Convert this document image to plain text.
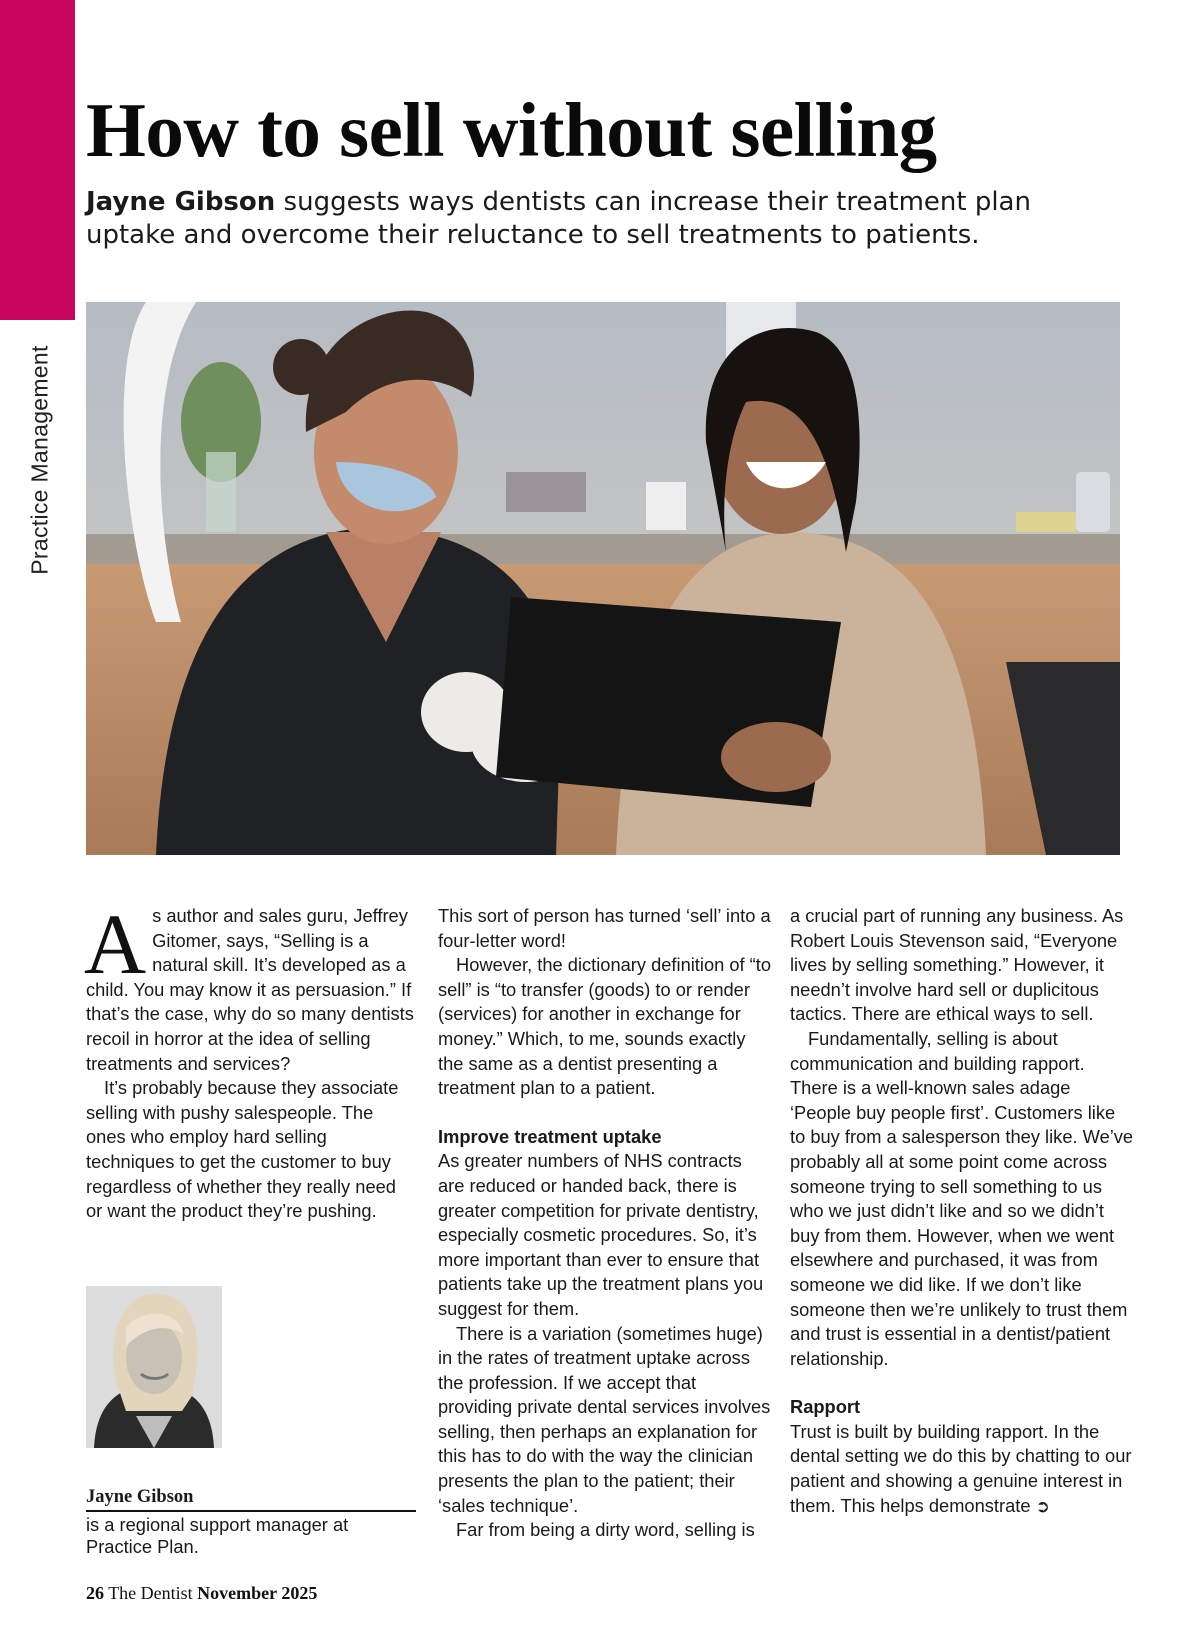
Practice Management
How to sell without selling

Jayne Gibson suggests ways dentists can increase their treatment plan uptake and overcome their reluctance to sell treatments to patients.

As author and sales guru, Jeffrey Gitomer, says, “Selling is a natural skill. It’s developed as a child. You may know it as persuasion.” If that’s the case, why do so many dentists recoil in horror at the idea of selling treatments and services?

It’s probably because they associate selling with pushy salespeople. The ones who employ hard selling techniques to get the customer to buy regardless of whether they really need or want the product they’re pushing.

Jayne Gibson
is a regional support manager at Practice Plan.

This sort of person has turned ‘sell’ into a four-letter word!

However, the dictionary definition of “to sell” is “to transfer (goods) to or render (services) for another in exchange for money.” Which, to me, sounds exactly the same as a dentist presenting a treatment plan to a patient.

Improve treatment uptake

As greater numbers of NHS contracts are reduced or handed back, there is greater competition for private dentistry, especially cosmetic procedures. So, it’s more important than ever to ensure that patients take up the treatment plans you suggest for them.

There is a variation (sometimes huge) in the rates of treatment uptake across the profession. If we accept that providing private dental services involves selling, then perhaps an explanation for this has to do with the way the clinician presents the plan to the patient; their ‘sales technique’.

Far from being a dirty word, selling is

a crucial part of running any business. As Robert Louis Stevenson said, “Everyone lives by selling something.” However, it needn’t involve hard sell or duplicitous tactics. There are ethical ways to sell.

Fundamentally, selling is about communication and building rapport. There is a well-known sales adage ‘People buy people first’. Customers like to buy from a salesperson they like. We’ve probably all at some point come across someone trying to sell something to us who we just didn’t like and so we didn’t buy from them. However, when we went elsewhere and purchased, it was from someone we did like. If we don’t like someone then we’re unlikely to trust them and trust is essential in a dentist/patient relationship.

Rapport

Trust is built by building rapport. In the dental setting we do this by chatting to our patient and showing a genuine interest in them. This helps demonstrate ➲

26 The Dentist November 2025
